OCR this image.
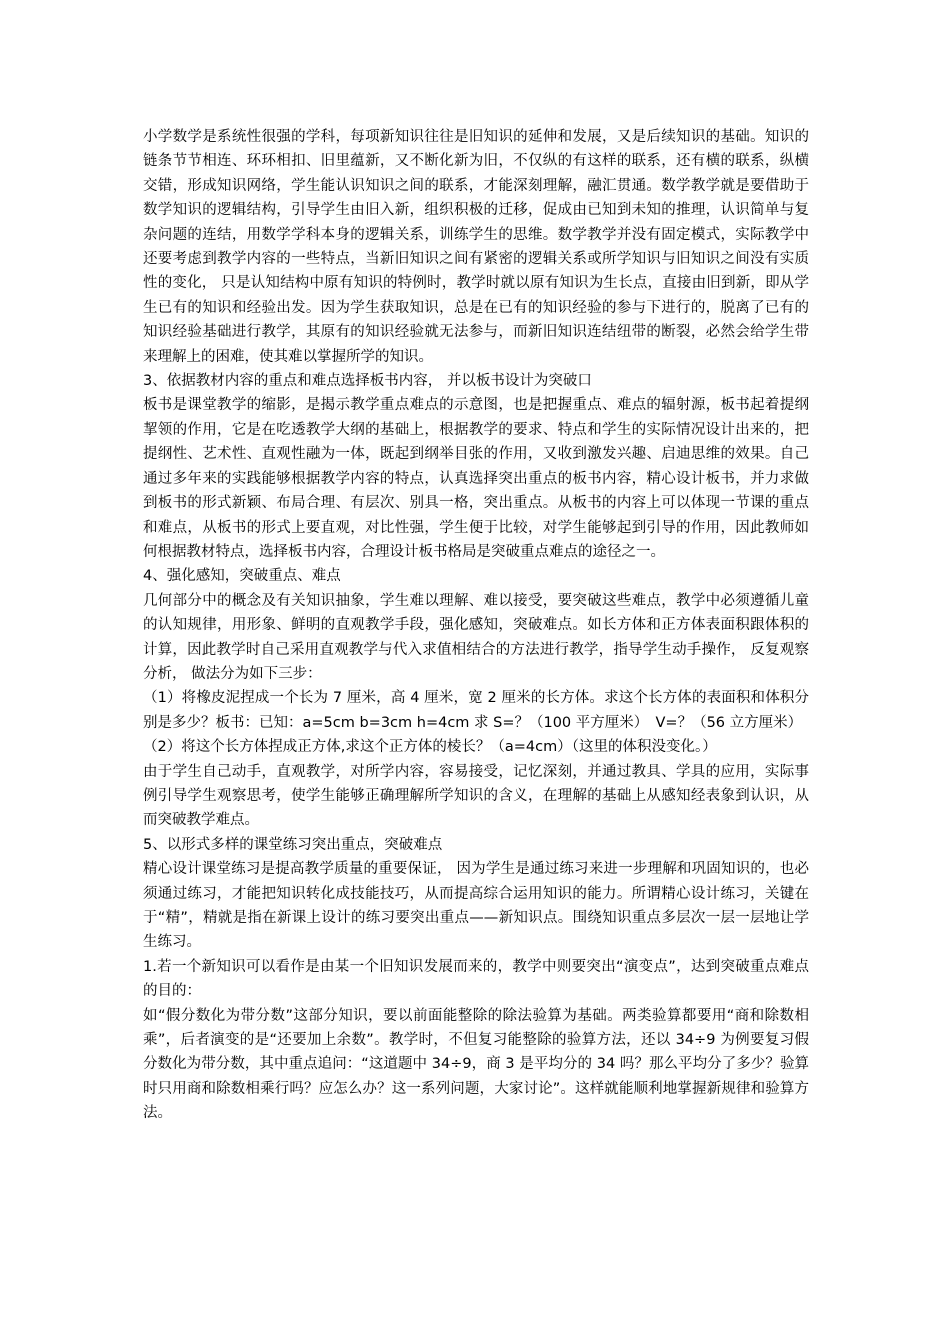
小学数学是系统性很强的学科，每项新知识往往是旧知识的延伸和发展，又是后续知识的基础。知识的链条节节相连、环环相扣、旧里蕴新，又不断化新为旧，不仅纵的有这样的联系，还有横的联系，纵横交错，形成知识网络，学生能认识知识之间的联系，才能深刻理解，融汇贯通。数学教学就是要借助于数学知识的逻辑结构，引导学生由旧入新，组织积极的迁移，促成由已知到未知的推理，认识简单与复杂问题的连结，用数学学科本身的逻辑关系，训练学生的思维。数学教学并没有固定模式，实际教学中还要考虑到教学内容的一些特点，当新旧知识之间有紧密的逻辑关系或所学知识与旧知识之间没有实质性的变化， 只是认知结构中原有知识的特例时，教学时就以原有知识为生长点，直接由旧到新，即从学生已有的知识和经验出发。因为学生获取知识，总是在已有的知识经验的参与下进行的，脱离了已有的知识经验基础进行教学，其原有的知识经验就无法参与，而新旧知识连结纽带的断裂，必然会给学生带来理解上的困难，使其难以掌握所学的知识。

3、依据教材内容的重点和难点选择板书内容， 并以板书设计为突破口

板书是课堂教学的缩影，是揭示教学重点难点的示意图，也是把握重点、难点的辐射源，板书起着提纲挈领的作用，它是在吃透教学大纲的基础上，根据教学的要求、特点和学生的实际情况设计出来的，把提纲性、艺术性、直观性融为一体，既起到纲举目张的作用，又收到激发兴趣、启迪思维的效果。自己通过多年来的实践能够根据教学内容的特点，认真选择突出重点的板书内容，精心设计板书，并力求做到板书的形式新颖、布局合理、有层次、别具一格，突出重点。从板书的内容上可以体现一节课的重点和难点，从板书的形式上要直观，对比性强，学生便于比较，对学生能够起到引导的作用，因此教师如何根据教材特点，选择板书内容，合理设计板书格局是突破重点难点的途径之一。

4、强化感知，突破重点、难点

几何部分中的概念及有关知识抽象，学生难以理解、难以接受，要突破这些难点，教学中必须遵循儿童的认知规律，用形象、鲜明的直观教学手段，强化感知，突破难点。如长方体和正方体表面积跟体积的计算，因此教学时自己采用直观教学与代入求值相结合的方法进行教学，指导学生动手操作， 反复观察分析， 做法分为如下三步：

（1）将橡皮泥捏成一个长为 7 厘米，高 4 厘米，宽 2 厘米的长方体。求这个长方体的表面积和体积分别是多少？板书：已知：a=5cm b=3cm h=4cm 求 S=？（100 平方厘米）　V=？（56 立方厘米）

（2）将这个长方体捏成正方体,求这个正方体的棱长？（a=4cm）（这里的体积没变化。）

由于学生自己动手，直观教学，对所学内容，容易接受，记忆深刻，并通过教具、学具的应用，实际事例引导学生观察思考，使学生能够正确理解所学知识的含义，在理解的基础上从感知经表象到认识，从而突破教学难点。

5、以形式多样的课堂练习突出重点，突破难点

精心设计课堂练习是提高教学质量的重要保证， 因为学生是通过练习来进一步理解和巩固知识的，也必须通过练习，才能把知识转化成技能技巧，从而提高综合运用知识的能力。所谓精心设计练习，关键在于“精”，精就是指在新课上设计的练习要突出重点——新知识点。围绕知识重点多层次一层一层地让学生练习。

1.若一个新知识可以看作是由某一个旧知识发展而来的，教学中则要突出“演变点”，达到突破重点难点的目的：

如“假分数化为带分数”这部分知识，要以前面能整除的除法验算为基础。两类验算都要用“商和除数相乘”，后者演变的是“还要加上余数”。教学时，不但复习能整除的验算方法，还以 34÷9 为例要复习假分数化为带分数，其中重点追问：“这道题中 34÷9，商 3 是平均分的 34 吗？那么平均分了多少？验算时只用商和除数相乘行吗？应怎么办？这一系列问题，大家讨论”。这样就能顺利地掌握新规律和验算方法。
